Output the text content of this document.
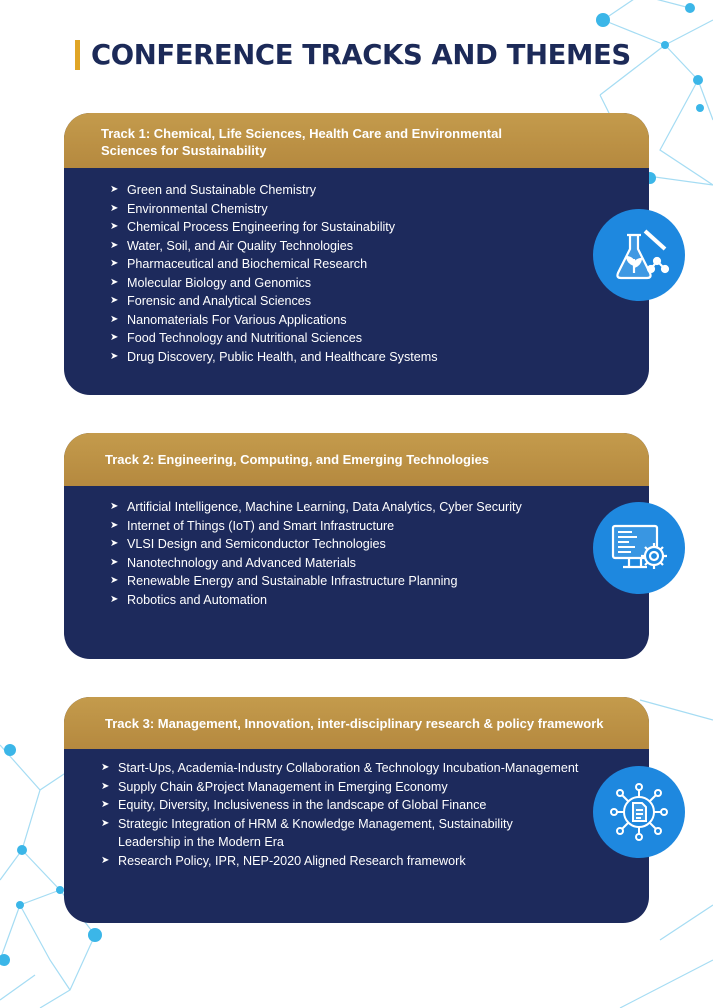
CONFERENCE TRACKS AND THEMES
Track 1: Chemical, Life Sciences, Health Care and Environmental Sciences for Sustainability
➤ Green and Sustainable Chemistry
➤ Environmental Chemistry
➤ Chemical Process Engineering for Sustainability
➤ Water, Soil, and Air Quality Technologies
➤ Pharmaceutical and Biochemical Research
➤ Molecular Biology and Genomics
➤ Forensic and Analytical Sciences
➤ Nanomaterials For Various Applications
➤ Food Technology and Nutritional Sciences
➤ Drug Discovery, Public Health, and Healthcare Systems
Track 2: Engineering, Computing, and Emerging Technologies
➤ Artificial Intelligence, Machine Learning, Data Analytics, Cyber Security
➤ Internet of Things (IoT) and Smart Infrastructure
➤ VLSI Design and Semiconductor Technologies
➤ Nanotechnology and Advanced Materials
➤ Renewable Energy and Sustainable Infrastructure Planning
➤ Robotics and Automation
Track 3: Management, Innovation, inter-disciplinary research & policy framework
➤ Start-Ups, Academia-Industry Collaboration & Technology Incubation-Management
➤ Supply Chain &Project Management in Emerging Economy
➤ Equity, Diversity, Inclusiveness in the landscape of Global Finance
➤ Strategic Integration of HRM & Knowledge Management, Sustainability
Leadership in the Modern Era
➤ Research Policy, IPR, NEP-2020 Aligned Research framework
